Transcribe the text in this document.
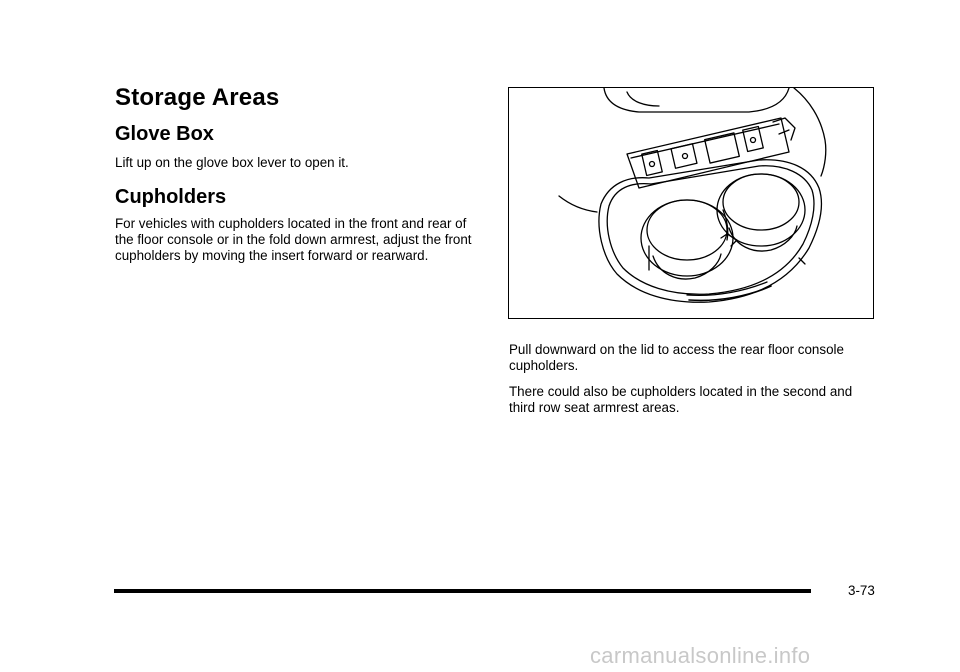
Storage Areas
Glove Box

Lift up on the glove box lever to open it.

Cupholders

For vehicles with cupholders located in the front and rear of the floor console or in the fold down armrest, adjust the front cupholders by moving the insert forward or rearward.

Pull downward on the lid to access the rear floor console cupholders.

There could also be cupholders located in the second and third row seat armrest areas.

3-73
carmanualsonline.info
